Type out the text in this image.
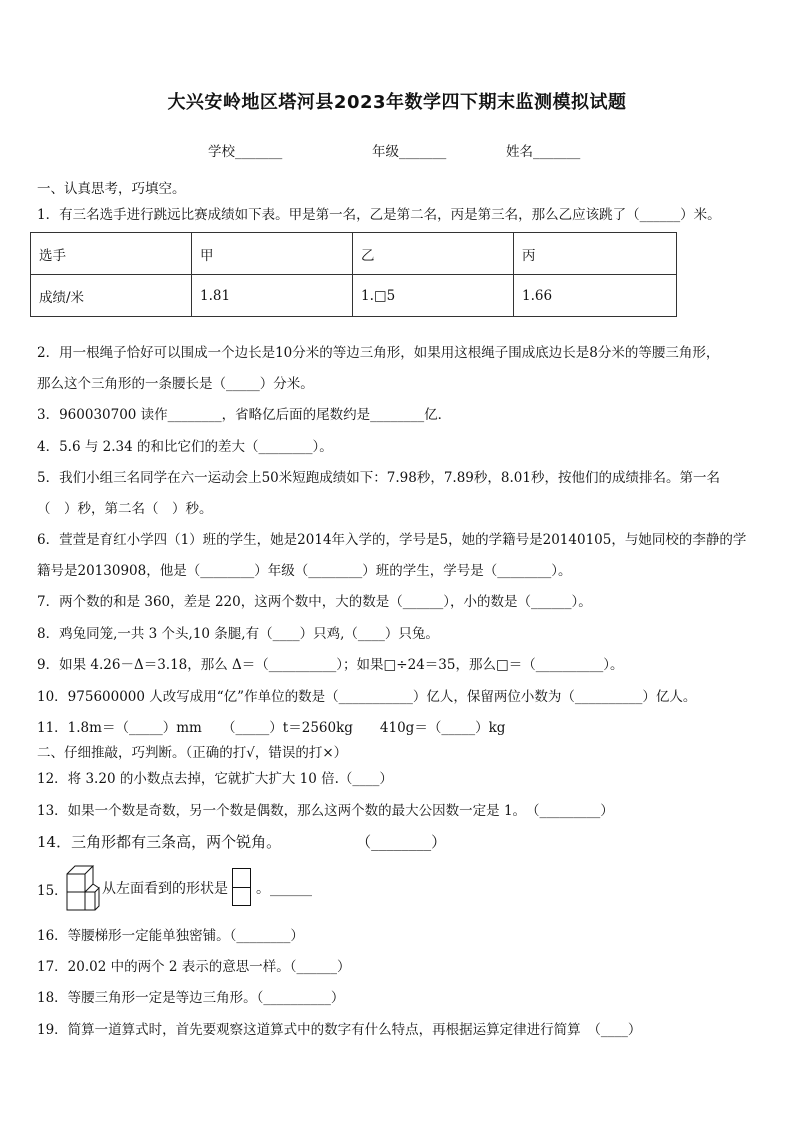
大兴安岭地区塔河县2023年数学四下期末监测模拟试题
学校_______	年级_______	姓名_______
一、认真思考，巧填空。
1．有三名选手进行跳远比赛成绩如下表。甲是第一名，乙是第二名，丙是第三名，那么乙应该跳了（______）米。
选手	甲	乙	丙
成绩/米	1.81	1.□5	1.66
2．用一根绳子恰好可以围成一个边长是10分米的等边三角形，如果用这根绳子围成底边长是8分米的等腰三角形，
那么这个三角形的一条腰长是（_____）分米。
3．960030700 读作________，省略亿后面的尾数约是________亿．
4．5.6 与 2.34 的和比它们的差大（________）。
5．我们小组三名同学在六一运动会上50米短跑成绩如下：7.98秒，7.89秒，8.01秒，按他们的成绩排名。第一名
（　）秒，第二名（　）秒。
6．萱萱是育红小学四（1）班的学生，她是2014年入学的，学号是5，她的学籍号是20140105，与她同校的李静的学
籍号是20130908，他是（________）年级（________）班的学生，学号是（________）。
7．两个数的和是 360，差是 220，这两个数中，大的数是（______），小的数是（______）。
8．鸡兔同笼,一共 3 个头,10 条腿,有（____）只鸡,（____）只兔。
9．如果 4.26－Δ＝3.18，那么 Δ＝（__________）；如果□÷24＝35，那么□＝（__________）。
10．975600000 人改写成用“亿”作单位的数是（___________）亿人，保留两位小数为（__________）亿人。
11．1.8m＝（_____）mm　　（_____）t＝2560kg　　410g＝（_____）kg
二、仔细推敲，巧判断。（正确的打√，错误的打×）
12．将 3.20 的小数点去掉，它就扩大扩大 10 倍.（____）
13．如果一个数是奇数，另一个数是偶数，那么这两个数的最大公因数一定是 1。　（_________）
14．三角形都有三条高，两个锐角。　　　　　　（________）
15． 从左面看到的形状是 。______
16．等腰梯形一定能单独密铺。（________）
17．20.02 中的两个 2 表示的意思一样。（______）
18．等腰三角形一定是等边三角形。（__________）
19．简算一道算式时，首先要观察这道算式中的数字有什么特点，再根据运算定律进行简算　（____）
